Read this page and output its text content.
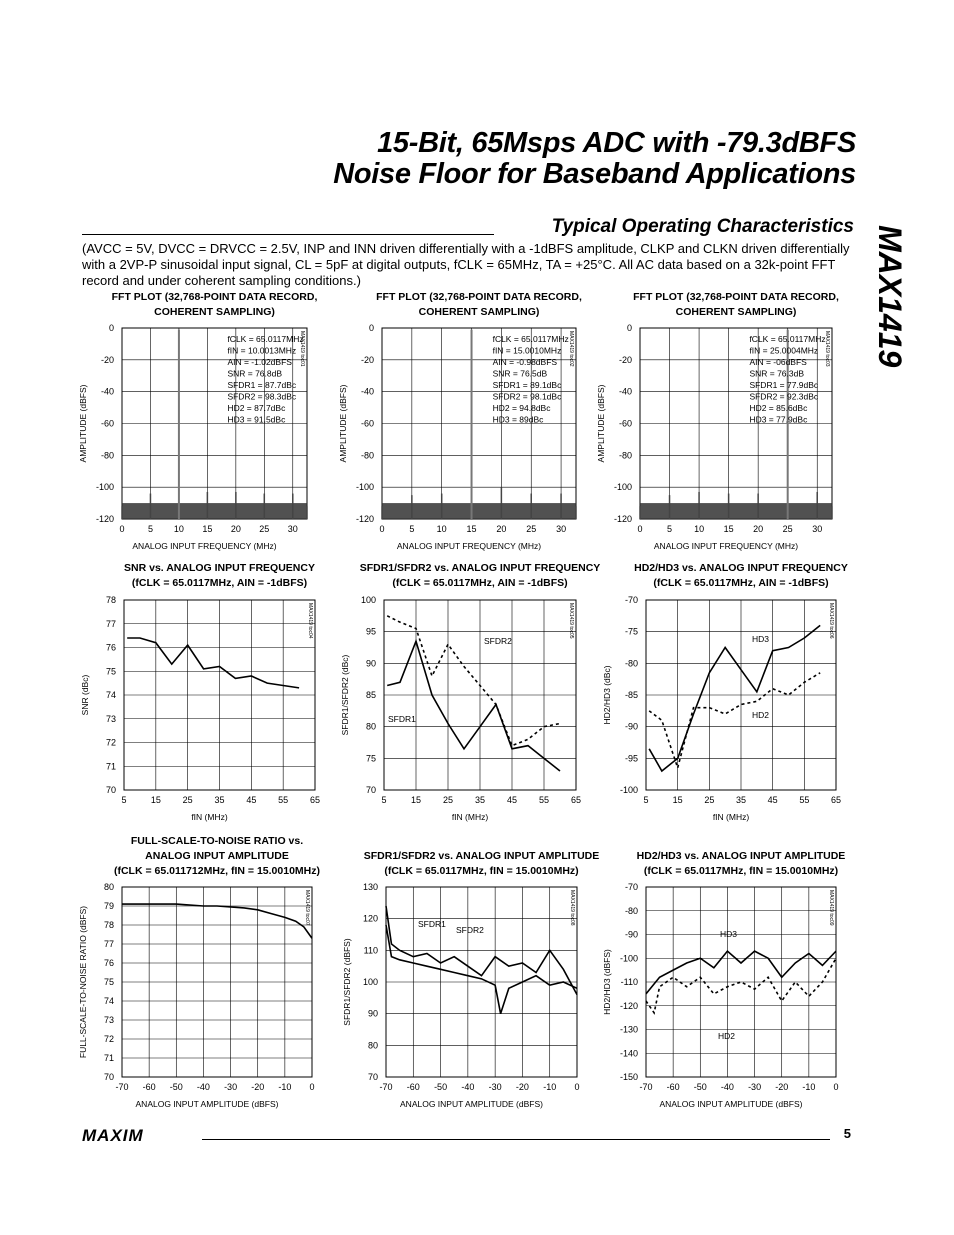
15-Bit, 65Msps ADC with -79.3dBFS
Noise Floor for Baseband Applications
MAX1419
Typical Operating Characteristics
(AVCC = 5V, DVCC = DRVCC = 2.5V, INP and INN driven differentially with a -1dBFS amplitude, CLKP and CLKN driven differentially with a 2VP-P sinusoidal input signal, CL = 5pF at digital outputs, fCLK = 65MHz, TA = +25°C. All AC data based on a 32k-point FFT record and under coherent sampling conditions.)
FFT PLOT (32,768-POINT DATA RECORD,
COHERENT SAMPLING)
0	5 10 15 20 25 30
0
-20
-40
-60
-80
-100
-120
ANALOG INPUT FREQUENCY (MHz)
AMPLITUDE (dBFS)
MAX1419 toc01
fCLK = 65.0117MHz
fIN = 10.0013MHz
AIN = -1.02dBFS
SNR = 76.8dB
SFDR1 = 87.7dBc
SFDR2 = 98.3dBc
HD2 = 87.7dBc
HD3 = 91.5dBc
FFT PLOT (32,768-POINT DATA RECORD,
COHERENT SAMPLING)
0	5 10 15 20 25 30
0
-20
-40
-60
-80
-100
-120
ANALOG INPUT FREQUENCY (MHz)
AMPLITUDE (dBFS)
MAX1419 toc02
fCLK = 65.0117MHz
fIN = 15.0010MHz
AIN = -0.98dBFS
SNR = 76.5dB
SFDR1 = 89.1dBc
SFDR2 = 98.1dBc
HD2 = 94.8dBc
HD3 = 89dBc
FFT PLOT (32,768-POINT DATA RECORD,
COHERENT SAMPLING)
0	5 10 15 20 25 30
0
-20
-40
-60
-80
-100
-120
ANALOG INPUT FREQUENCY (MHz)
AMPLITUDE (dBFS)
MAX1419 toc03
fCLK = 65.0117MHz
fIN = 25.0004MHz
AIN = -06dBFS
SNR = 76.3dB
SFDR1 = 77.9dBc
SFDR2 = 92.3dBc
HD2 = 85.6dBc
HD3 = 77.9dBc
SNR vs. ANALOG INPUT FREQUENCY
(fCLK = 65.0117MHz, AIN = -1dBFS)
5	15 25 35 45 55 65
78
77
76
75
74
73
72
71
70
fIN (MHz)
SNR (dBc)
MAX1419 toc04
SFDR1/SFDR2 vs. ANALOG INPUT FREQUENCY
(fCLK = 65.0117MHz, AIN = -1dBFS)
5	15 25 35 45 55 65
100
95
90
85
80
75
70
fIN (MHz)
SFDR1/SFDR2 (dBc)
MAX1419 toc05
SFDR2
SFDR1
HD2/HD3 vs. ANALOG INPUT FREQUENCY
(fCLK = 65.0117MHz, AIN = -1dBFS)
5	15 25 35 45 55 65
-70
-75
-80
-85
-90
-95
-100
fIN (MHz)
HD2/HD3 (dBc)
MAX1419 toc06
HD3
HD2
FULL-SCALE-TO-NOISE RATIO vs.
ANALOG INPUT AMPLITUDE
(fCLK = 65.011712MHz, fIN = 15.0010MHz)
-70 -60 -50 -40 -30 -20 -10 0
80
79
78
77
76
75
74
73
72
71
70
ANALOG INPUT AMPLITUDE (dBFS)
FULL-SCALE-TO-NOISE RATIO (dBFS)	MAX1419 toc07
SFDR1/SFDR2 vs. ANALOG INPUT AMPLITUDE
(fCLK = 65.0117MHz, fIN = 15.0010MHz)
-70 -60 -50 -40 -30 -20 -10 0
130
120
110
100
90
80
70
ANALOG INPUT AMPLITUDE (dBFS)
SFDR1/SFDR2 (dBFS)
MAX1419 toc08
SFDR1
SFDR2
HD2/HD3 vs. ANALOG INPUT AMPLITUDE
(fCLK = 65.0117MHz, fIN = 15.0010MHz)
-70 -60 -50 -40 -30 -20 -10 0
-70
-80
-90
-100
-110
-120
-130
-140
-150
ANALOG INPUT AMPLITUDE (dBFS)
HD2/HD3 (dBFS)
MAX1419 toc09
HD3
HD2
MAXIM	5
